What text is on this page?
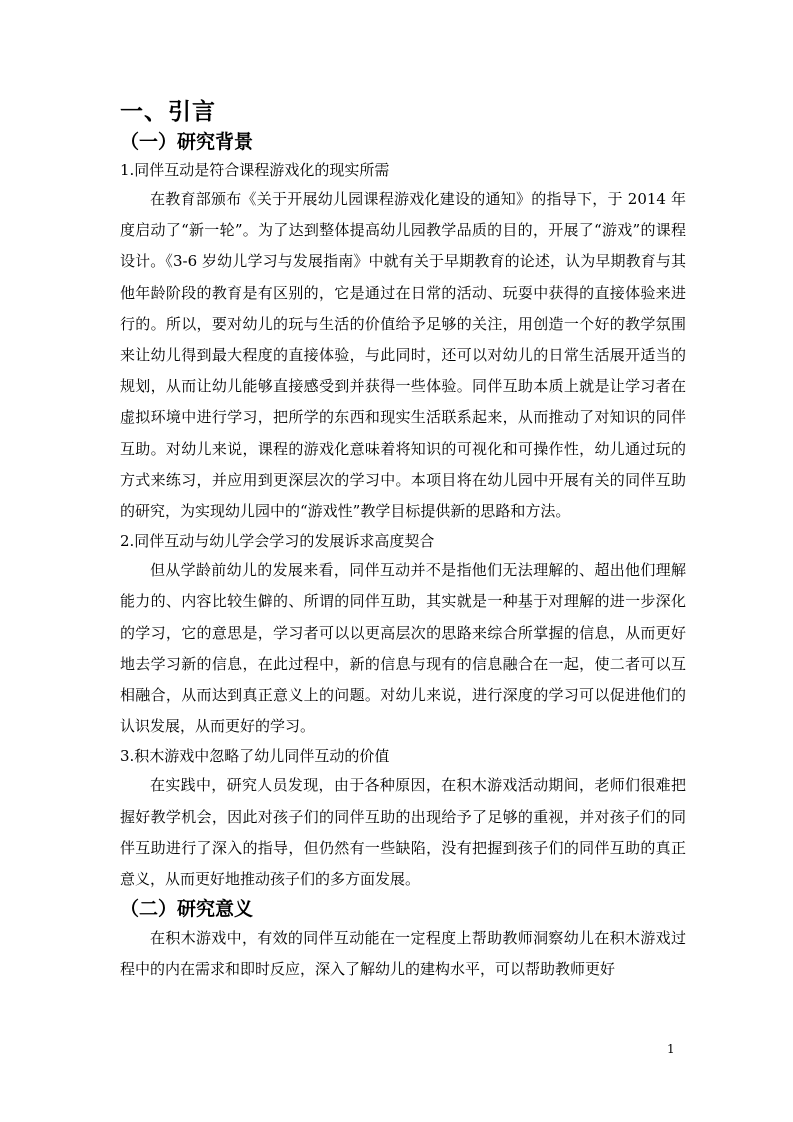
一、引言
（一）研究背景
1.同伴互动是符合课程游戏化的现实所需

在教育部颁布《关于开展幼儿园课程游戏化建设的通知》的指导下，于 2014 年度启动了“新一轮”。为了达到整体提高幼儿园教学品质的目的，开展了“游戏”的课程设计。《3-6 岁幼儿学习与发展指南》中就有关于早期教育的论述，认为早期教育与其他年龄阶段的教育是有区别的，它是通过在日常的活动、玩耍中获得的直接体验来进行的。所以，要对幼儿的玩与生活的价值给予足够的关注，用创造一个好的教学氛围来让幼儿得到最大程度的直接体验，与此同时，还可以对幼儿的日常生活展开适当的规划，从而让幼儿能够直接感受到并获得一些体验。同伴互助本质上就是让学习者在虚拟环境中进行学习，把所学的东西和现实生活联系起来，从而推动了对知识的同伴互助。对幼儿来说，课程的游戏化意味着将知识的可视化和可操作性，幼儿通过玩的方式来练习，并应用到更深层次的学习中。本项目将在幼儿园中开展有关的同伴互助的研究，为实现幼儿园中的“游戏性”教学目标提供新的思路和方法。

2.同伴互动与幼儿学会学习的发展诉求高度契合

但从学龄前幼儿的发展来看，同伴互动并不是指他们无法理解的、超出他们理解能力的、内容比较生僻的、所谓的同伴互助，其实就是一种基于对理解的进一步深化的学习，它的意思是，学习者可以以更高层次的思路来综合所掌握的信息，从而更好地去学习新的信息，在此过程中，新的信息与现有的信息融合在一起，使二者可以互相融合，从而达到真正意义上的问题。对幼儿来说，进行深度的学习可以促进他们的认识发展，从而更好的学习。

3.积木游戏中忽略了幼儿同伴互动的价值

在实践中，研究人员发现，由于各种原因，在积木游戏活动期间，老师们很难把握好教学机会，因此对孩子们的同伴互助的出现给予了足够的重视，并对孩子们的同伴互助进行了深入的指导，但仍然有一些缺陷，没有把握到孩子们的同伴互助的真正意义，从而更好地推动孩子们的多方面发展。

（二）研究意义

在积木游戏中，有效的同伴互动能在一定程度上帮助教师洞察幼儿在积木游戏过程中的内在需求和即时反应，深入了解幼儿的建构水平，可以帮助教师更好

1
